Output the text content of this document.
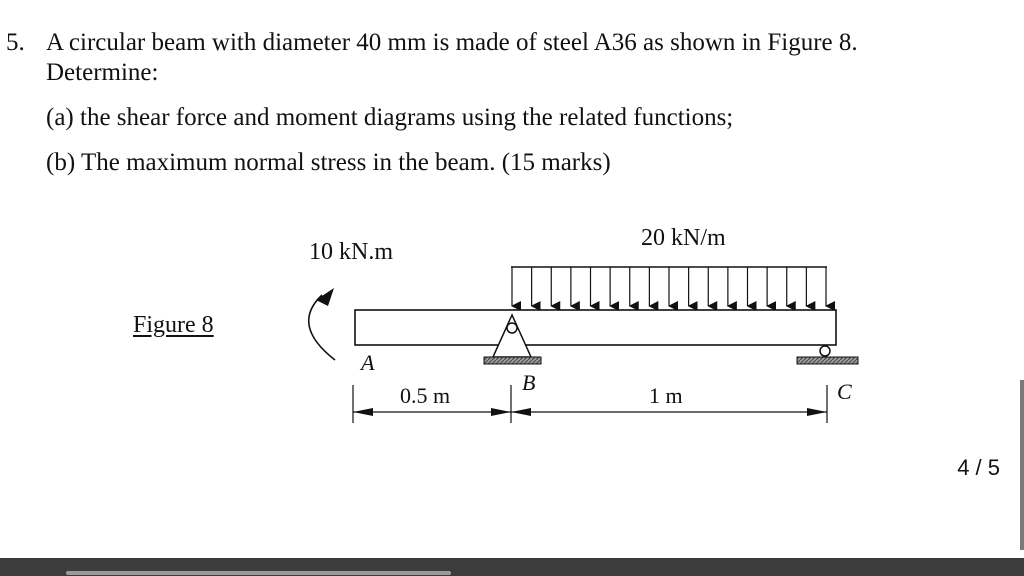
5. A circular beam with diameter 40 mm is made of steel A36 as shown in Figure 8.
Determine:
(a) the shear force and moment diagrams using the related functions;
(b) The maximum normal stress in the beam. (15 marks)
Figure 8
10 kN.m
20 kN/m
A
B	C
0.5 m	1 m
4 / 5
